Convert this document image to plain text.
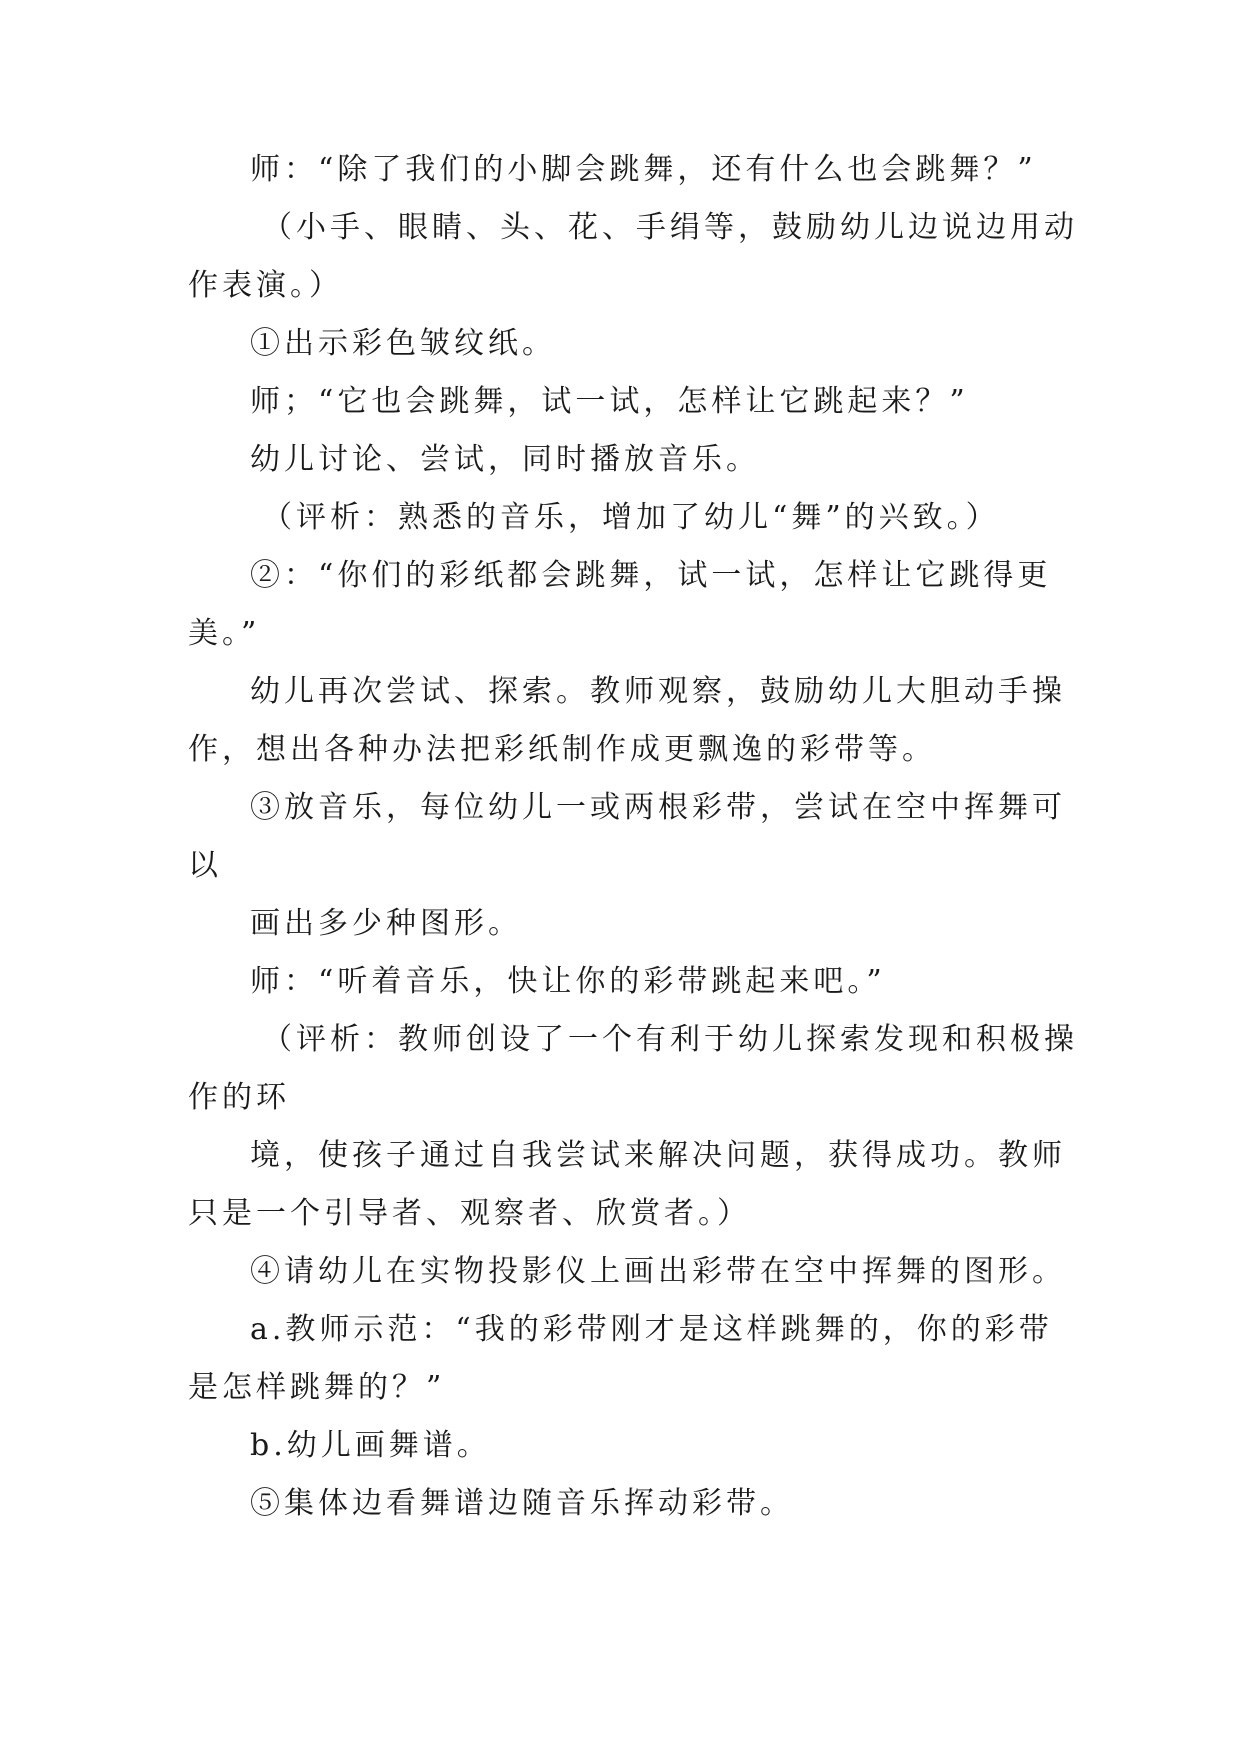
师：“除了我们的小脚会跳舞，还有什么也会跳舞？”
（小手、眼睛、头、花、手绢等，鼓励幼儿边说边用动
作表演。）
①出示彩色皱纹纸。
师；“它也会跳舞，试一试，怎样让它跳起来？”
幼儿讨论、尝试，同时播放音乐。
（评析：熟悉的音乐，增加了幼儿“舞”的兴致。）
②：“你们的彩纸都会跳舞，试一试，怎样让它跳得更
美。”
幼儿再次尝试、探索。教师观察，鼓励幼儿大胆动手操
作，想出各种办法把彩纸制作成更飘逸的彩带等。
③放音乐，每位幼儿一或两根彩带，尝试在空中挥舞可
以
画出多少种图形。
师：“听着音乐，快让你的彩带跳起来吧。”
（评析：教师创设了一个有利于幼儿探索发现和积极操
作的环
境，使孩子通过自我尝试来解决问题，获得成功。教师
只是一个引导者、观察者、欣赏者。）
④请幼儿在实物投影仪上画出彩带在空中挥舞的图形。
a.教师示范：“我的彩带刚才是这样跳舞的，你的彩带
是怎样跳舞的？”
b.幼儿画舞谱。
⑤集体边看舞谱边随音乐挥动彩带。
